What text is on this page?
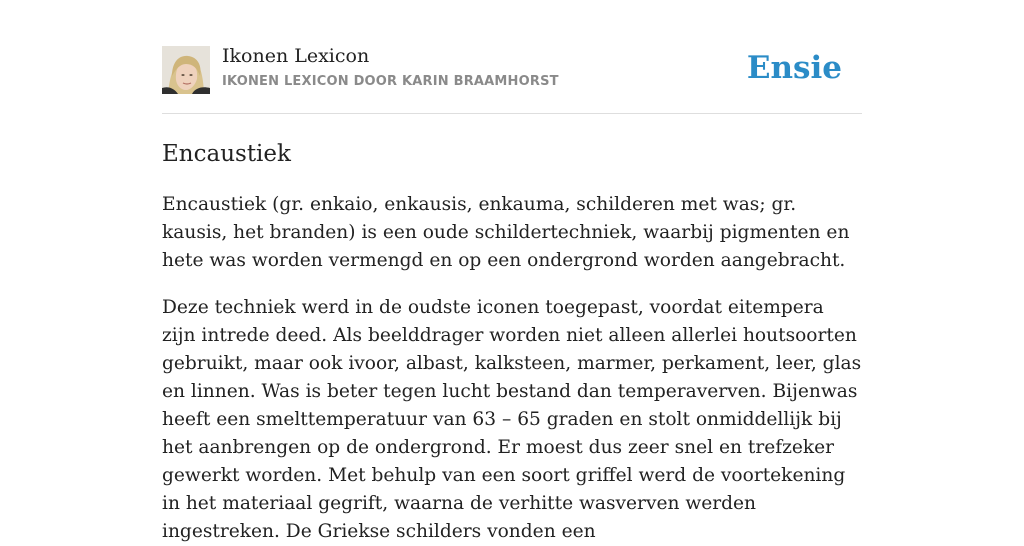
Ikonen Lexicon
IKONEN LEXICON DOOR KARIN BRAAMHORST	Ensie
Encaustiek

Encaustiek (gr. enkaio, enkausis, enkauma, schilderen met was; gr. kausis, het branden) is een oude schildertechniek, waarbij pigmenten en hete was worden vermengd en op een ondergrond worden aangebracht.

Deze techniek werd in de oudste iconen toegepast, voordat eitempera zijn intrede deed. Als beelddrager worden niet alleen allerlei houtsoorten gebruikt, maar ook ivoor, albast, kalksteen, marmer, perkament, leer, glas en linnen. Was is beter tegen lucht bestand dan temperaverven. Bijenwas heeft een smelttemperatuur van 63 – 65 graden en stolt onmiddellijk bij het aanbrengen op de ondergrond. Er moest dus zeer snel en trefzeker gewerkt worden. Met behulp van een soort griffel werd de voortekening in het materiaal gegrift, waarna de verhitte wasverven werden ingestreken. De Griekse schilders vonden een
